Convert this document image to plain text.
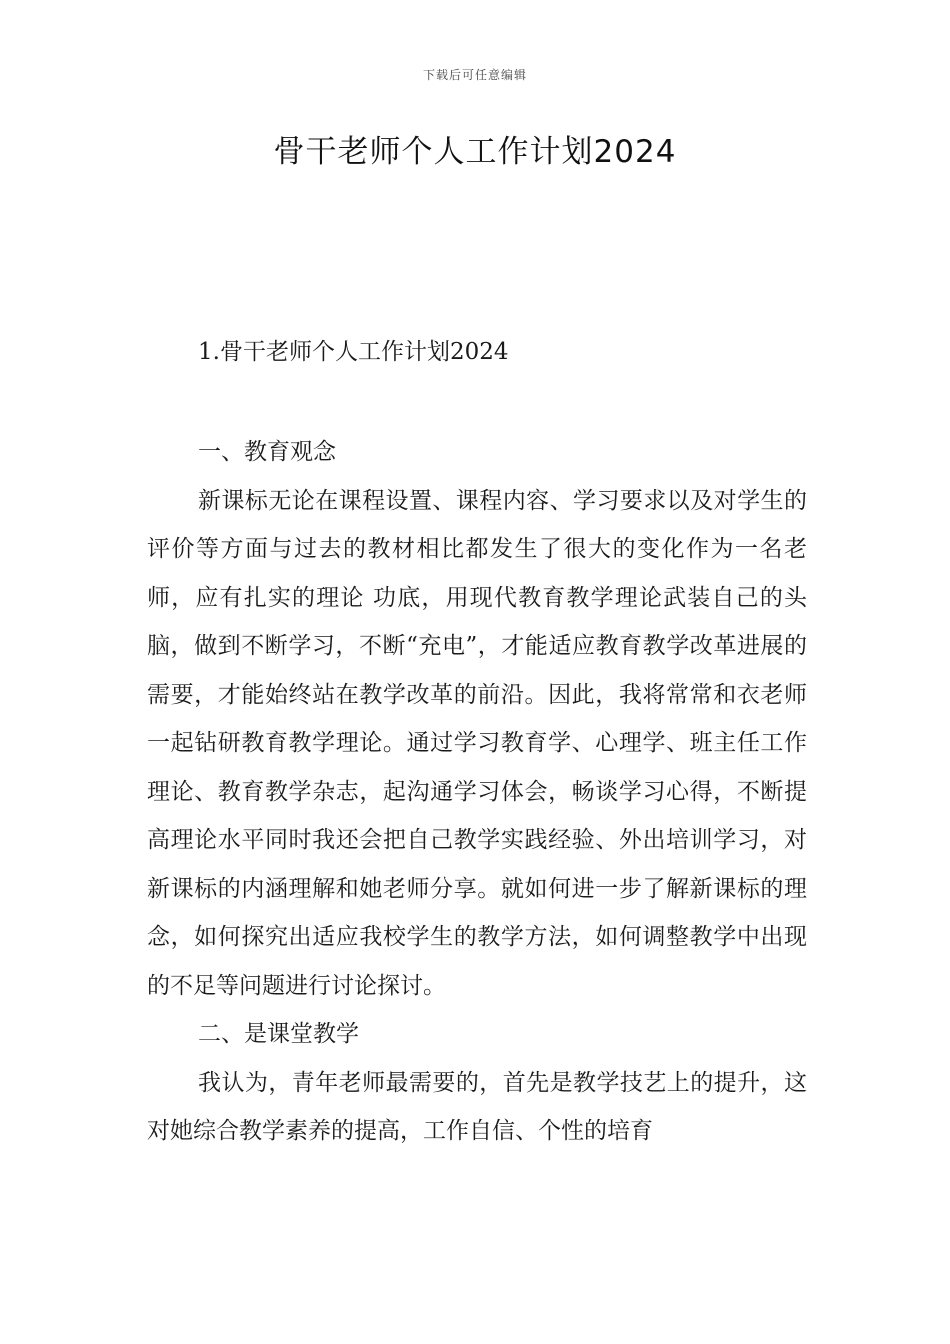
下载后可任意编辑
骨干老师个人工作计划2024

1.骨干老师个人工作计划2024

一、教育观念

新课标无论在课程设置、课程内容、学习要求以及对学生的评价等方面与过去的教材相比都发生了很大的变化作为一名老师，应有扎实的理论 功底，用现代教育教学理论武装自己的头脑，做到不断学习，不断“充电”，才能适应教育教学改革进展的需要，才能始终站在教学改革的前沿。因此，我将常常和衣老师一起钻研教育教学理论。通过学习教育学、心理学、班主任工作理论、教育教学杂志，起沟通学习体会，畅谈学习心得，不断提高理论水平同时我还会把自己教学实践经验、外出培训学习，对新课标的内涵理解和她老师分享。就如何进一步了解新课标的理念，如何探究出适应我校学生的教学方法，如何调整教学中出现的不足等问题进行讨论探讨。

二、是课堂教学

我认为，青年老师最需要的，首先是教学技艺上的提升，这对她综合教学素养的提高，工作自信、个性的培育
